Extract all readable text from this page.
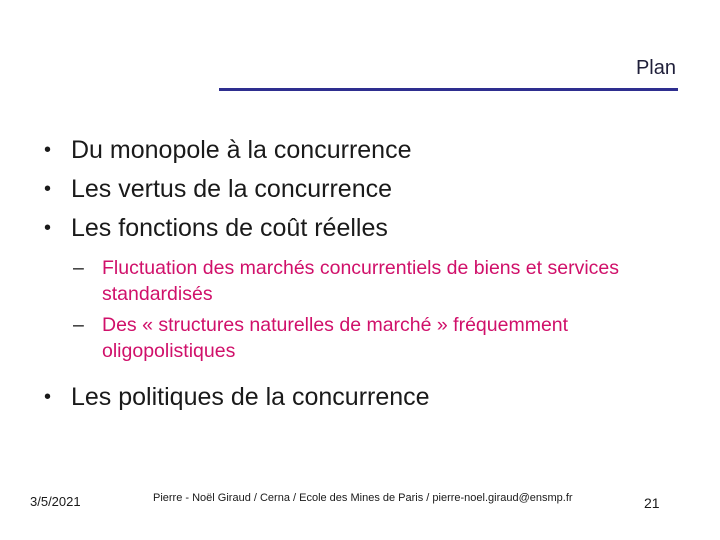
Plan
• Du monopole à la concurrence
• Les vertus de la concurrence
• Les fonctions de coût réelles
– Fluctuation des marchés concurrentiels de biens et services standardisés
– Des « structures naturelles de marché » fréquemment oligopolistiques
• Les politiques de la concurrence
3/5/2021	Pierre - Noël Giraud / Cerna / Ecole des Mines de Paris / pierre-noel.giraud@ensmp.fr	21
